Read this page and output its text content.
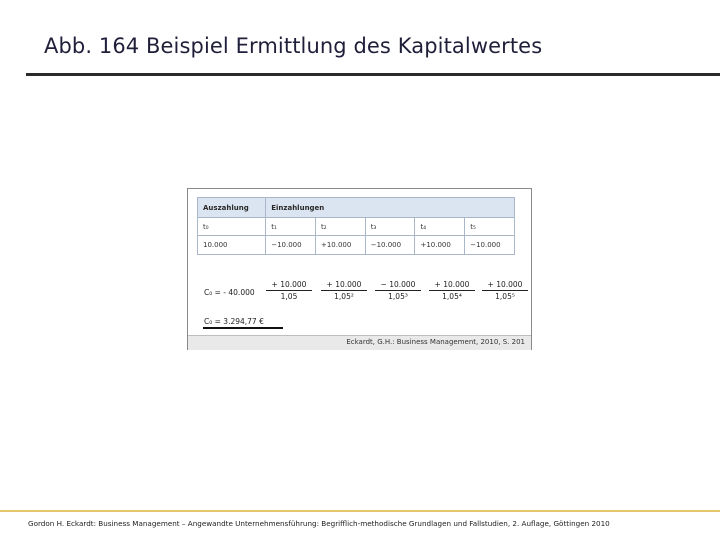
Abb. 164 Beispiel Ermittlung des Kapitalwertes
Auszahlung	Einzahlungen				
t₀	t₁	t₂	t₃	t₄	t₅
10.000	−10.000	+10.000	−10.000	+10.000	−10.000
C₀ = - $40.000 \frac{+ 10.000}{1,05} \frac{+ 10.000}{\text{1,05²}} \frac{- 10.000}{\text{1,05³}} \frac{+ 10.000}{\text{1,05⁴}} \frac{+ 10.000}{\text{1,05⁵}}$
C₀ = 3.294,77 €
Eckardt, G.H.: Business Management, 2010, S. 201
Gordon H. Eckardt: Business Management – Angewandte Unternehmensführung: Begrifflich-methodische Grundlagen und Fallstudien, 2. Auflage, Göttingen 2010
